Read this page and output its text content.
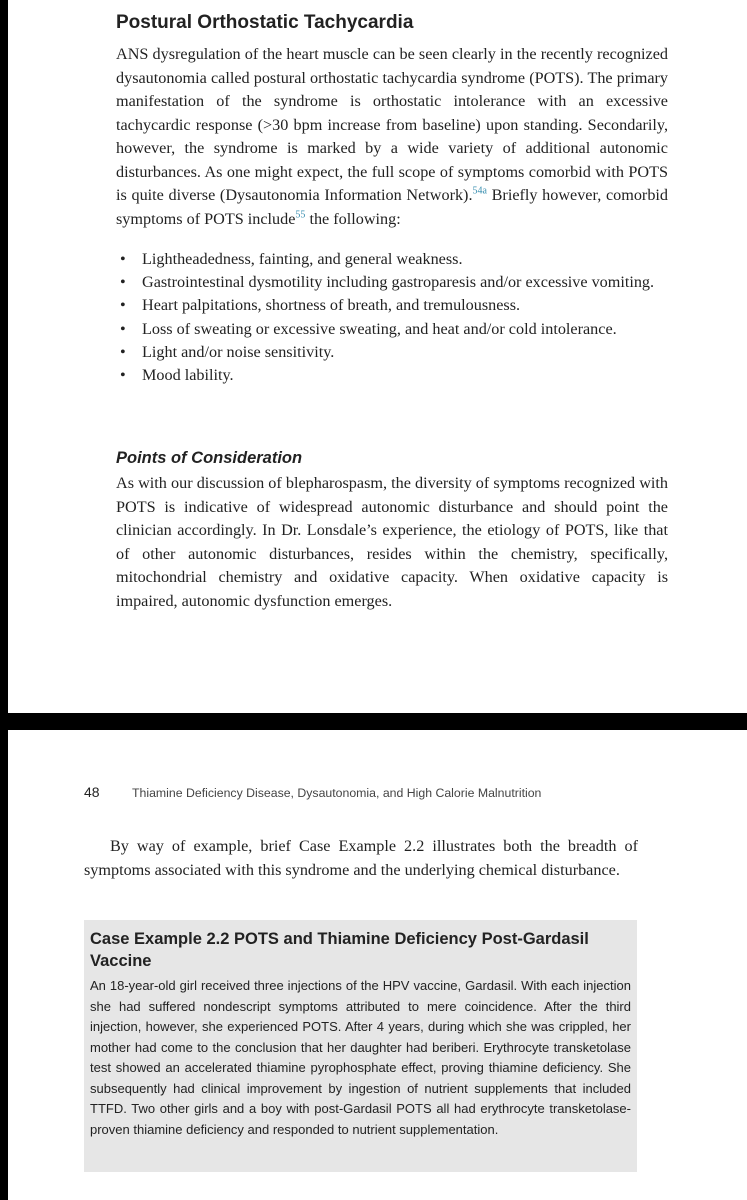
Postural Orthostatic Tachycardia

ANS dysregulation of the heart muscle can be seen clearly in the recently recognized dysautonomia called postural orthostatic tachycardia syndrome (POTS). The primary manifestation of the syndrome is orthostatic intolerance with an excessive tachycardic response (>30 bpm increase from baseline) upon standing. Secondarily, however, the syndrome is marked by a wide variety of additional autonomic disturbances. As one might expect, the full scope of symptoms comorbid with POTS is quite diverse (Dysautonomia Information Network).$^{54a}$ Briefly however, comorbid symptoms of POTS include$^{55}$ the following:

• Lightheadedness, fainting, and general weakness.
• Gastrointestinal dysmotility including gastroparesis and/or excessive vomiting.
• Heart palpitations, shortness of breath, and tremulousness.
• Loss of sweating or excessive sweating, and heat and/or cold intolerance.
• Light and/or noise sensitivity.
• Mood lability.
Points of Consideration

As with our discussion of blepharospasm, the diversity of symptoms recognized with POTS is indicative of widespread autonomic disturbance and should point the clinician accordingly. In Dr. Lonsdale’s experience, the etiology of POTS, like that of other autonomic disturbances, resides within the chemistry, specifically, mitochondrial chemistry and oxidative capacity. When oxidative capacity is impaired, autonomic dysfunction emerges.

48	Thiamine Deficiency Disease, Dysautonomia, and High Calorie Malnutrition

By way of example, brief Case Example 2.2 illustrates both the breadth of symptoms associated with this syndrome and the underlying chemical disturbance.

Case Example 2.2 POTS and Thiamine Deficiency Post-Gardasil Vaccine

An 18-year-old girl received three injections of the HPV vaccine, Gardasil. With each injection she had suffered nondescript symptoms attributed to mere coincidence. After the third injection, however, she experienced POTS. After 4 years, during which she was crippled, her mother had come to the conclusion that her daughter had beriberi. Erythrocyte transketolase test showed an accelerated thiamine pyrophosphate effect, proving thiamine deficiency. She subsequently had clinical improvement by ingestion of nutrient supplements that included TTFD. Two other girls and a boy with post-Gardasil POTS all had erythrocyte transketolase-proven thiamine deficiency and responded to nutrient supplementation.
